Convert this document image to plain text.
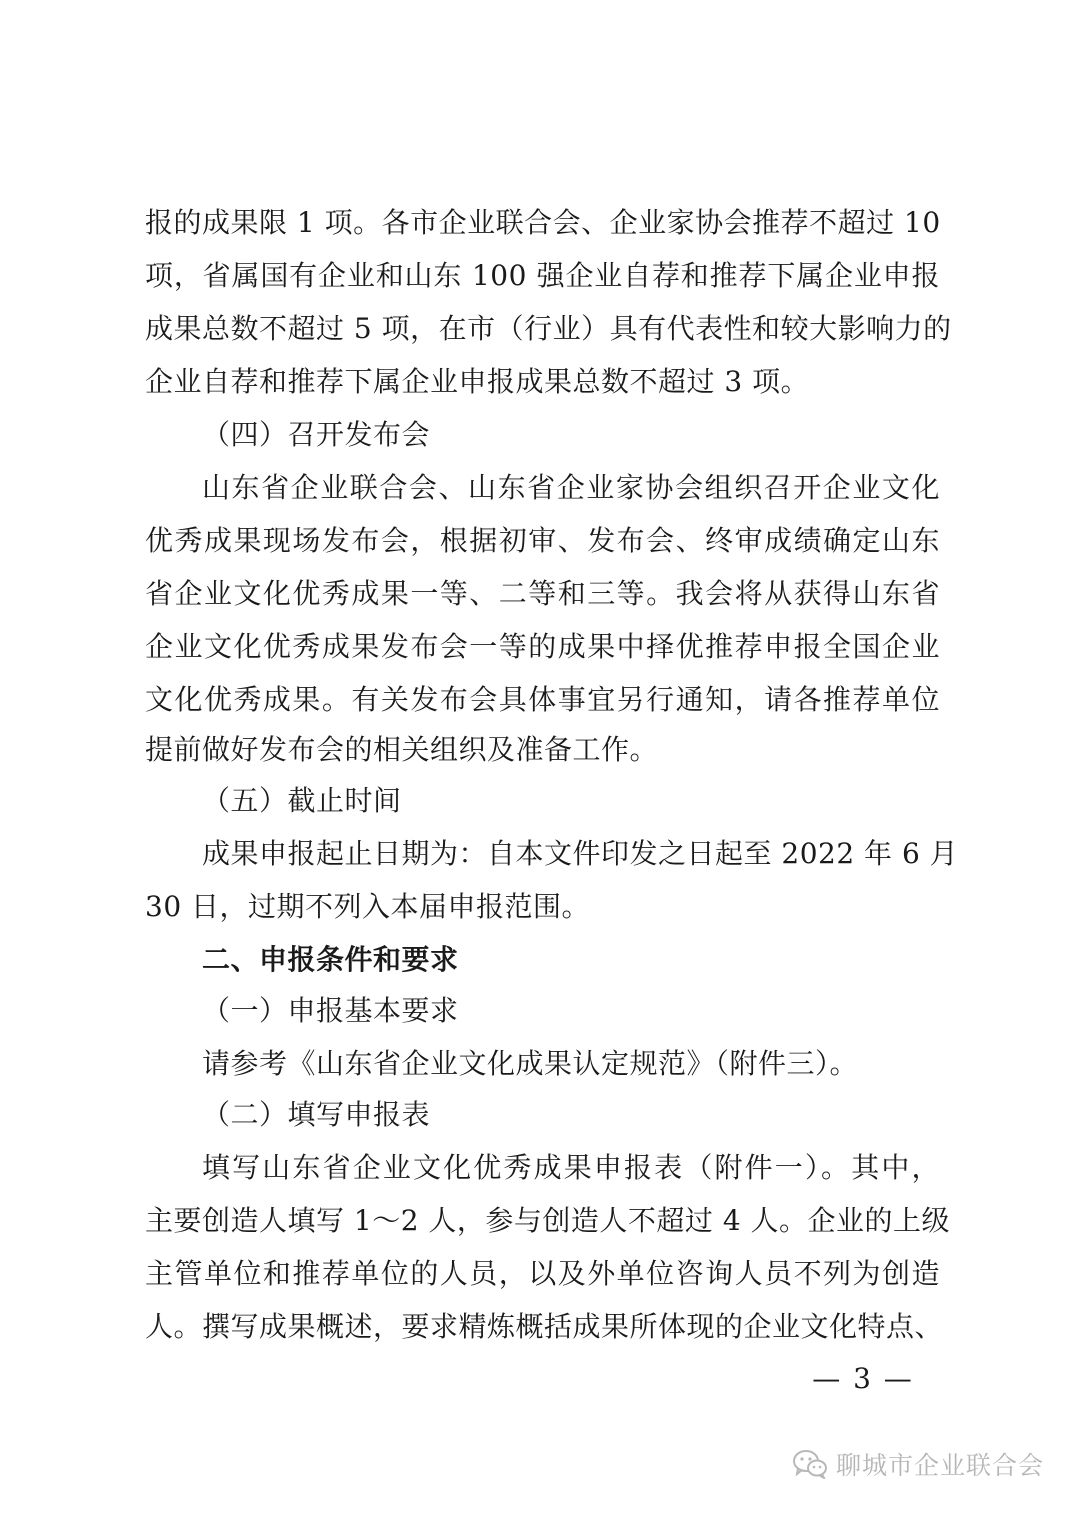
报的成果限 1 项。各市企业联合会、企业家协会推荐不超过 10
项，省属国有企业和山东 100 强企业自荐和推荐下属企业申报
成果总数不超过 5 项，在市（行业）具有代表性和较大影响力的
企业自荐和推荐下属企业申报成果总数不超过 3 项。
（四）召开发布会
山东省企业联合会、山东省企业家协会组织召开企业文化
优秀成果现场发布会，根据初审、发布会、终审成绩确定山东
省企业文化优秀成果一等、二等和三等。我会将从获得山东省
企业文化优秀成果发布会一等的成果中择优推荐申报全国企业
文化优秀成果。有关发布会具体事宜另行通知，请各推荐单位
提前做好发布会的相关组织及准备工作。
（五）截止时间
成果申报起止日期为：自本文件印发之日起至 2022 年 6 月
30 日，过期不列入本届申报范围。
二、申报条件和要求
（一）申报基本要求
请参考《山东省企业文化成果认定规范》（附件三）。
（二）填写申报表
填写山东省企业文化优秀成果申报表（附件一）。其中，
主要创造人填写 1～2 人，参与创造人不超过 4 人。企业的上级
主管单位和推荐单位的人员，以及外单位咨询人员不列为创造
人。撰写成果概述，要求精炼概括成果所体现的企业文化特点、
— 3 —
聊城市企业联合会
